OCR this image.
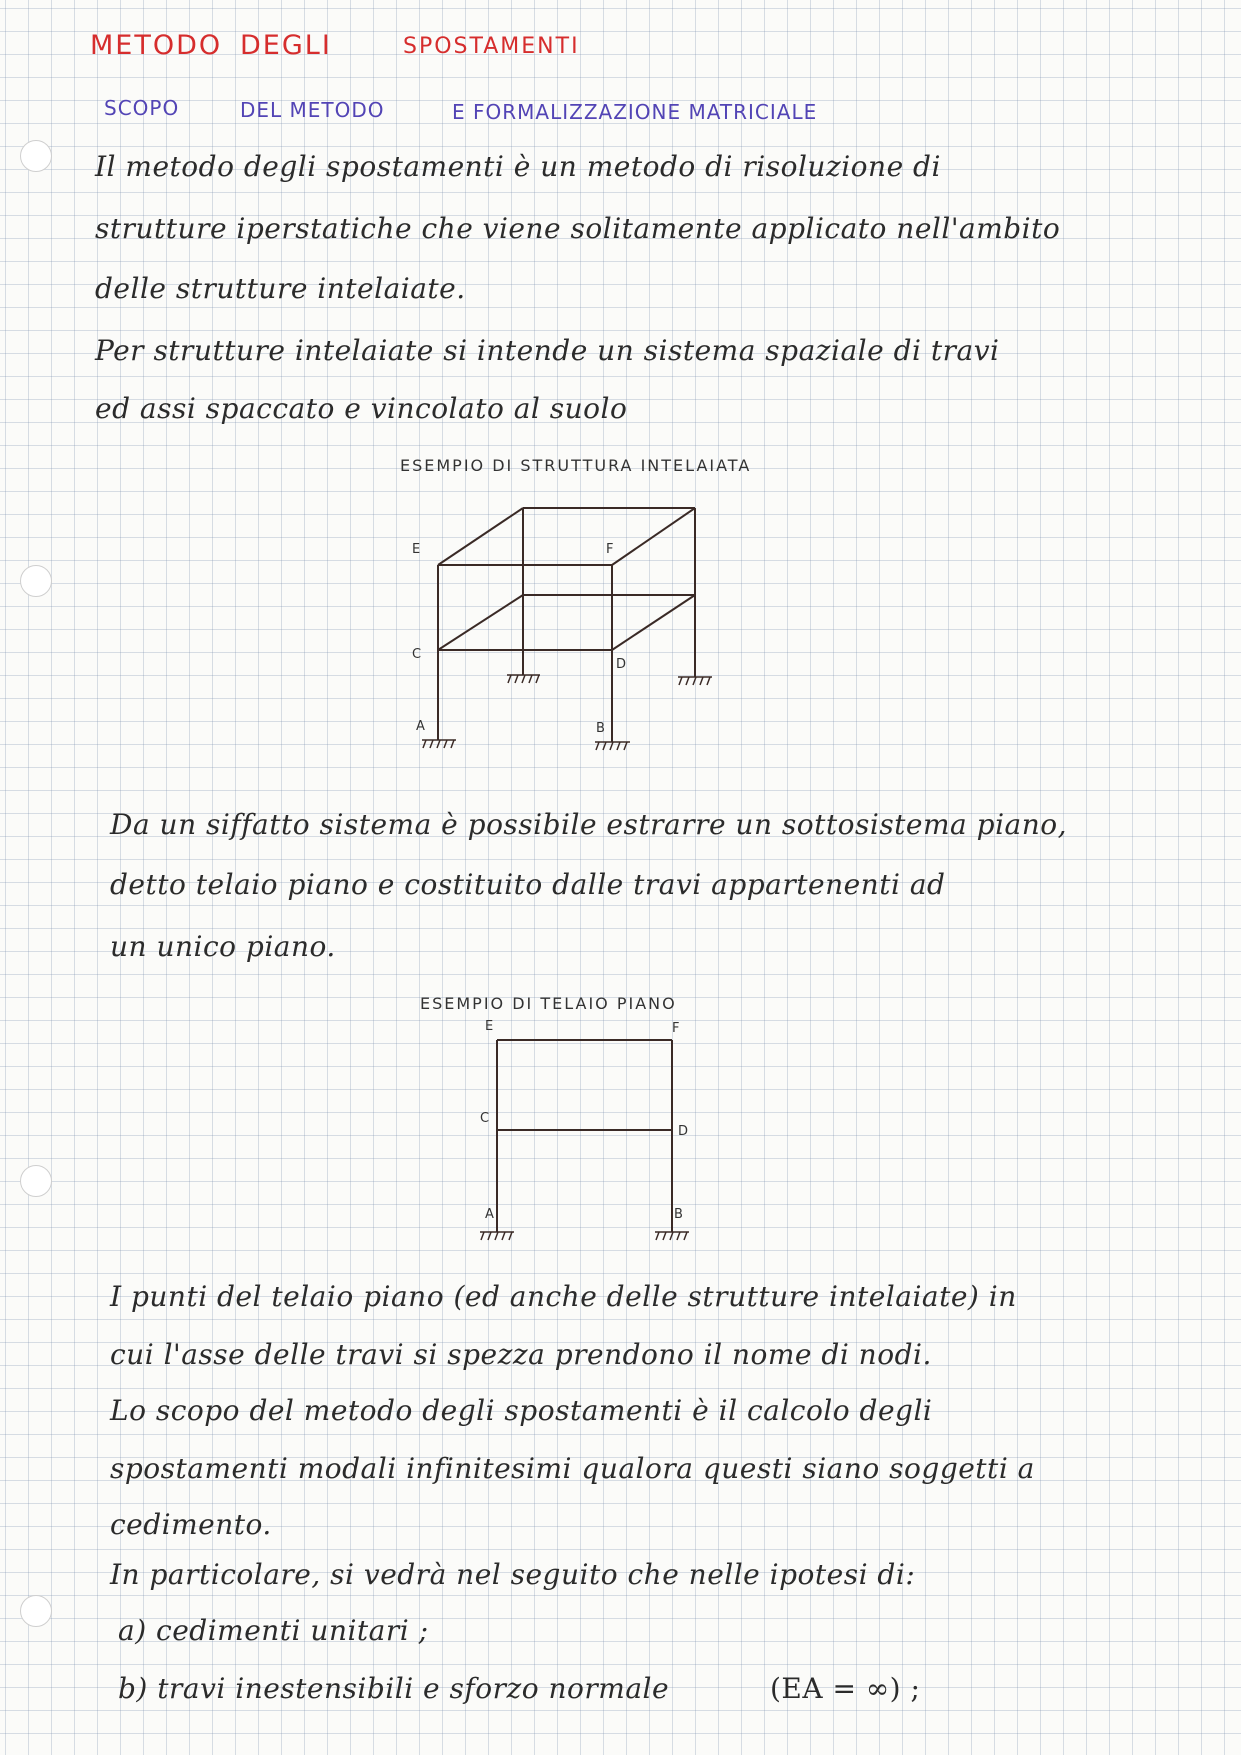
METODO DEGLI	SPOSTAMENTI
SCOPO	DEL METODO	E FORMALIZZAZIONE MATRICIALE
Il metodo degli spostamenti è un metodo di risoluzione di
strutture iperstatiche che viene solitamente applicato nell'ambito
delle strutture intelaiate.
Per strutture intelaiate si intende un sistema spaziale di travi
ed assi spaccato e vincolato al suolo
ESEMPIO DI STRUTTURA INTELAIATA
E	F
C
D
A	B
Da un siffatto sistema è possibile estrarre un sottosistema piano,
detto telaio piano e costituito dalle travi appartenenti ad
un unico piano.
ESEMPIO DI TELAIO PIANO
E	F
C
D
A	B
I punti del telaio piano (ed anche delle strutture intelaiate) in
cui l'asse delle travi si spezza prendono il nome di nodi.
Lo scopo del metodo degli spostamenti è il calcolo degli
spostamenti modali infinitesimi qualora questi siano soggetti a
cedimento.
In particolare, si vedrà nel seguito che nelle ipotesi di:
a) cedimenti unitari ;
b) travi inestensibili e sforzo normale	(EA = ∞) ;
